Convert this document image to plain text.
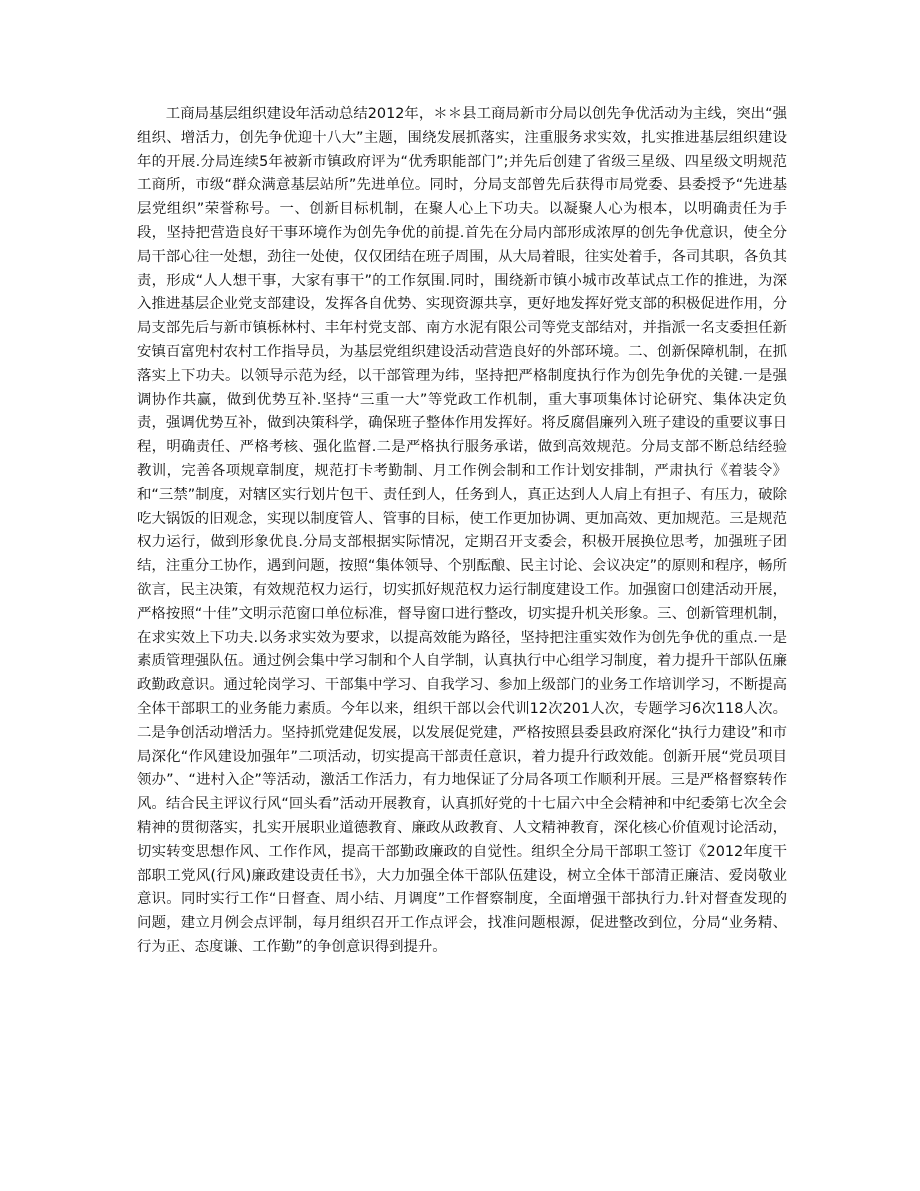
工商局基层组织建设年活动总结2012年，＊＊县工商局新市分局以创先争优活动为主线，突出“强组织、增活力，创先争优迎十八大”主题，围绕发展抓落实，注重服务求实效，扎实推进基层组织建设年的开展.分局连续5年被新市镇政府评为“优秀职能部门”;并先后创建了省级三星级、四星级文明规范工商所，市级“群众满意基层站所”先进单位。同时，分局支部曾先后获得市局党委、县委授予“先进基层党组织”荣誉称号。一、创新目标机制，在聚人心上下功夫。以凝聚人心为根本，以明确责任为手段，坚持把营造良好干事环境作为创先争优的前提.首先在分局内部形成浓厚的创先争优意识，使全分局干部心往一处想，劲往一处使，仅仅团结在班子周围，从大局着眼，往实处着手，各司其职，各负其责，形成“人人想干事，大家有事干”的工作氛围.同时，围绕新市镇小城市改革试点工作的推进，为深入推进基层企业党支部建设，发挥各自优势、实现资源共享，更好地发挥好党支部的积极促进作用，分局支部先后与新市镇栎林村、丰年村党支部、南方水泥有限公司等党支部结对，并指派一名支委担任新安镇百富兜村农村工作指导员，为基层党组织建设活动营造良好的外部环境。二、创新保障机制，在抓落实上下功夫。以领导示范为经，以干部管理为纬，坚持把严格制度执行作为创先争优的关键.一是强调协作共赢，做到优势互补.坚持“三重一大”等党政工作机制，重大事项集体讨论研究、集体决定负责，强调优势互补，做到决策科学，确保班子整体作用发挥好。将反腐倡廉列入班子建设的重要议事日程，明确责任、严格考核、强化监督.二是严格执行服务承诺，做到高效规范。分局支部不断总结经验教训，完善各项规章制度，规范打卡考勤制、月工作例会制和工作计划安排制，严肃执行《着装令》和“三禁”制度，对辖区实行划片包干、责任到人，任务到人，真正达到人人肩上有担子、有压力，破除吃大锅饭的旧观念，实现以制度管人、管事的目标，使工作更加协调、更加高效、更加规范。三是规范权力运行，做到形象优良.分局支部根据实际情况，定期召开支委会，积极开展换位思考，加强班子团结，注重分工协作，遇到问题，按照“集体领导、个别酝酿、民主讨论、会议决定”的原则和程序，畅所欲言，民主决策，有效规范权力运行，切实抓好规范权力运行制度建设工作。加强窗口创建活动开展，严格按照“十佳”文明示范窗口单位标准，督导窗口进行整改，切实提升机关形象。三、创新管理机制，在求实效上下功夫.以务求实效为要求，以提高效能为路径，坚持把注重实效作为创先争优的重点.一是素质管理强队伍。通过例会集中学习制和个人自学制，认真执行中心组学习制度，着力提升干部队伍廉政勤政意识。通过轮岗学习、干部集中学习、自我学习、参加上级部门的业务工作培训学习，不断提高全体干部职工的业务能力素质。今年以来，组织干部以会代训12次201人次，专题学习6次118人次。二是争创活动增活力。坚持抓党建促发展，以发展促党建，严格按照县委县政府深化“执行力建设”和市局深化“作风建设加强年”二项活动，切实提高干部责任意识，着力提升行政效能。创新开展“党员项目领办”、“进村入企”等活动，激活工作活力，有力地保证了分局各项工作顺利开展。三是严格督察转作风。结合民主评议行风“回头看”活动开展教育，认真抓好党的十七届六中全会精神和中纪委第七次全会精神的贯彻落实，扎实开展职业道德教育、廉政从政教育、人文精神教育，深化核心价值观讨论活动，切实转变思想作风、工作作风，提高干部勤政廉政的自觉性。组织全分局干部职工签订《2012年度干部职工党风(行风)廉政建设责任书》，大力加强全体干部队伍建设，树立全体干部清正廉洁、爱岗敬业意识。同时实行工作“日督查、周小结、月调度”工作督察制度，全面增强干部执行力.针对督查发现的问题，建立月例会点评制，每月组织召开工作点评会，找准问题根源，促进整改到位，分局“业务精、行为正、态度谦、工作勤”的争创意识得到提升。
